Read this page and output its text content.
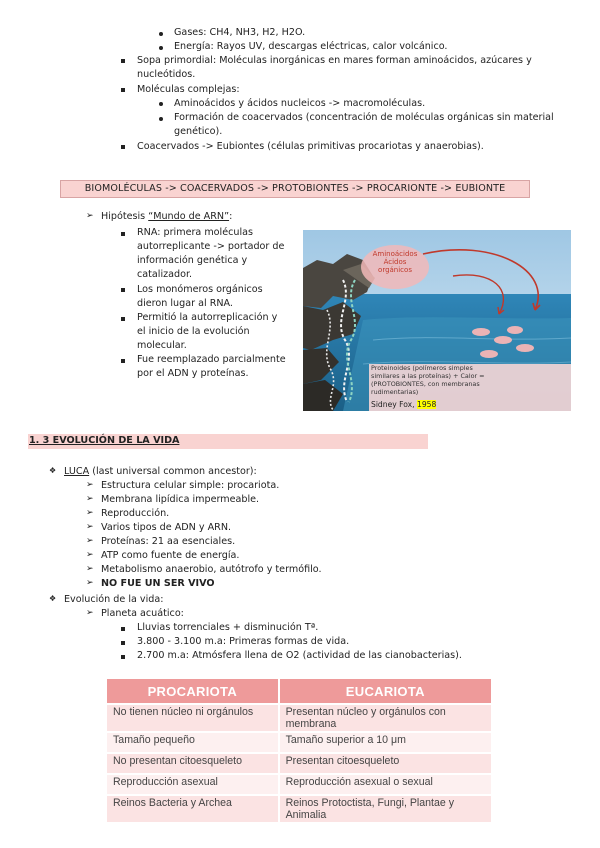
Gases: CH4, NH3, H2, H2O.
Energía: Rayos UV, descargas eléctricas, calor volcánico.
Sopa primordial: Moléculas inorgánicas en mares forman aminoácidos, azúcares y
nucleótidos.
Moléculas complejas:
Aminoácidos y ácidos nucleicos -> macromoléculas.
Formación de coacervados (concentración de moléculas orgánicas sin material
genético).
Coacervados -> Eubiontes (células primitivas procariotas y anaerobias).
BIOMOLÉCULAS -> COACERVADOS -> PROTOBIONTES -> PROCARIONTE -> EUBIONTE
➢ Hipótesis “Mundo de ARN”:
RNA: primera moléculas
autorreplicante -> portador de
información genética y
catalizador.
Los monómeros orgánicos
dieron lugar al RNA.
Permitió la autorreplicación y
el inicio de la evolución
molecular.
Fue reemplazado parcialmente
por el ADN y proteínas.
Aminoácidos
Ácidos
orgánicos
Proteinoides (polímeros simples
similares a las proteínas) + Calor =
(PROTOBIONTES, con membranas
rudimentarias)
Sidney Fox, 1958
1. 3 EVOLUCIÓN DE LA VIDA
❖ LUCA (last universal common ancestor):
➢ Estructura celular simple: procariota.
➢ Membrana lipídica impermeable.
➢ Reproducción.
➢ Varios tipos de ADN y ARN.
➢ Proteínas: 21 aa esenciales.
➢ ATP como fuente de energía.
➢ Metabolismo anaerobio, autótrofo y termófilo.
➢ NO FUE UN SER VIVO
❖ Evolución de la vida:
➢ Planeta acuático:
Lluvias torrenciales + disminución Tª.
3.800 - 3.100 m.a: Primeras formas de vida.
2.700 m.a: Atmósfera llena de O2 (actividad de las cianobacterias).
PROCARIOTA	EUCARIOTA

No tienen núcleo ni orgánulos	Presentan núcleo y orgánulos con
membrana

Tamaño pequeño	Tamaño superior a 10 μm

No presentan citoesqueleto	Presentan citoesqueleto

Reproducción asexual	Reproducción asexual o sexual

Reinos Bacteria y Archea	Reinos Protoctista, Fungi, Plantae y
Animalia
